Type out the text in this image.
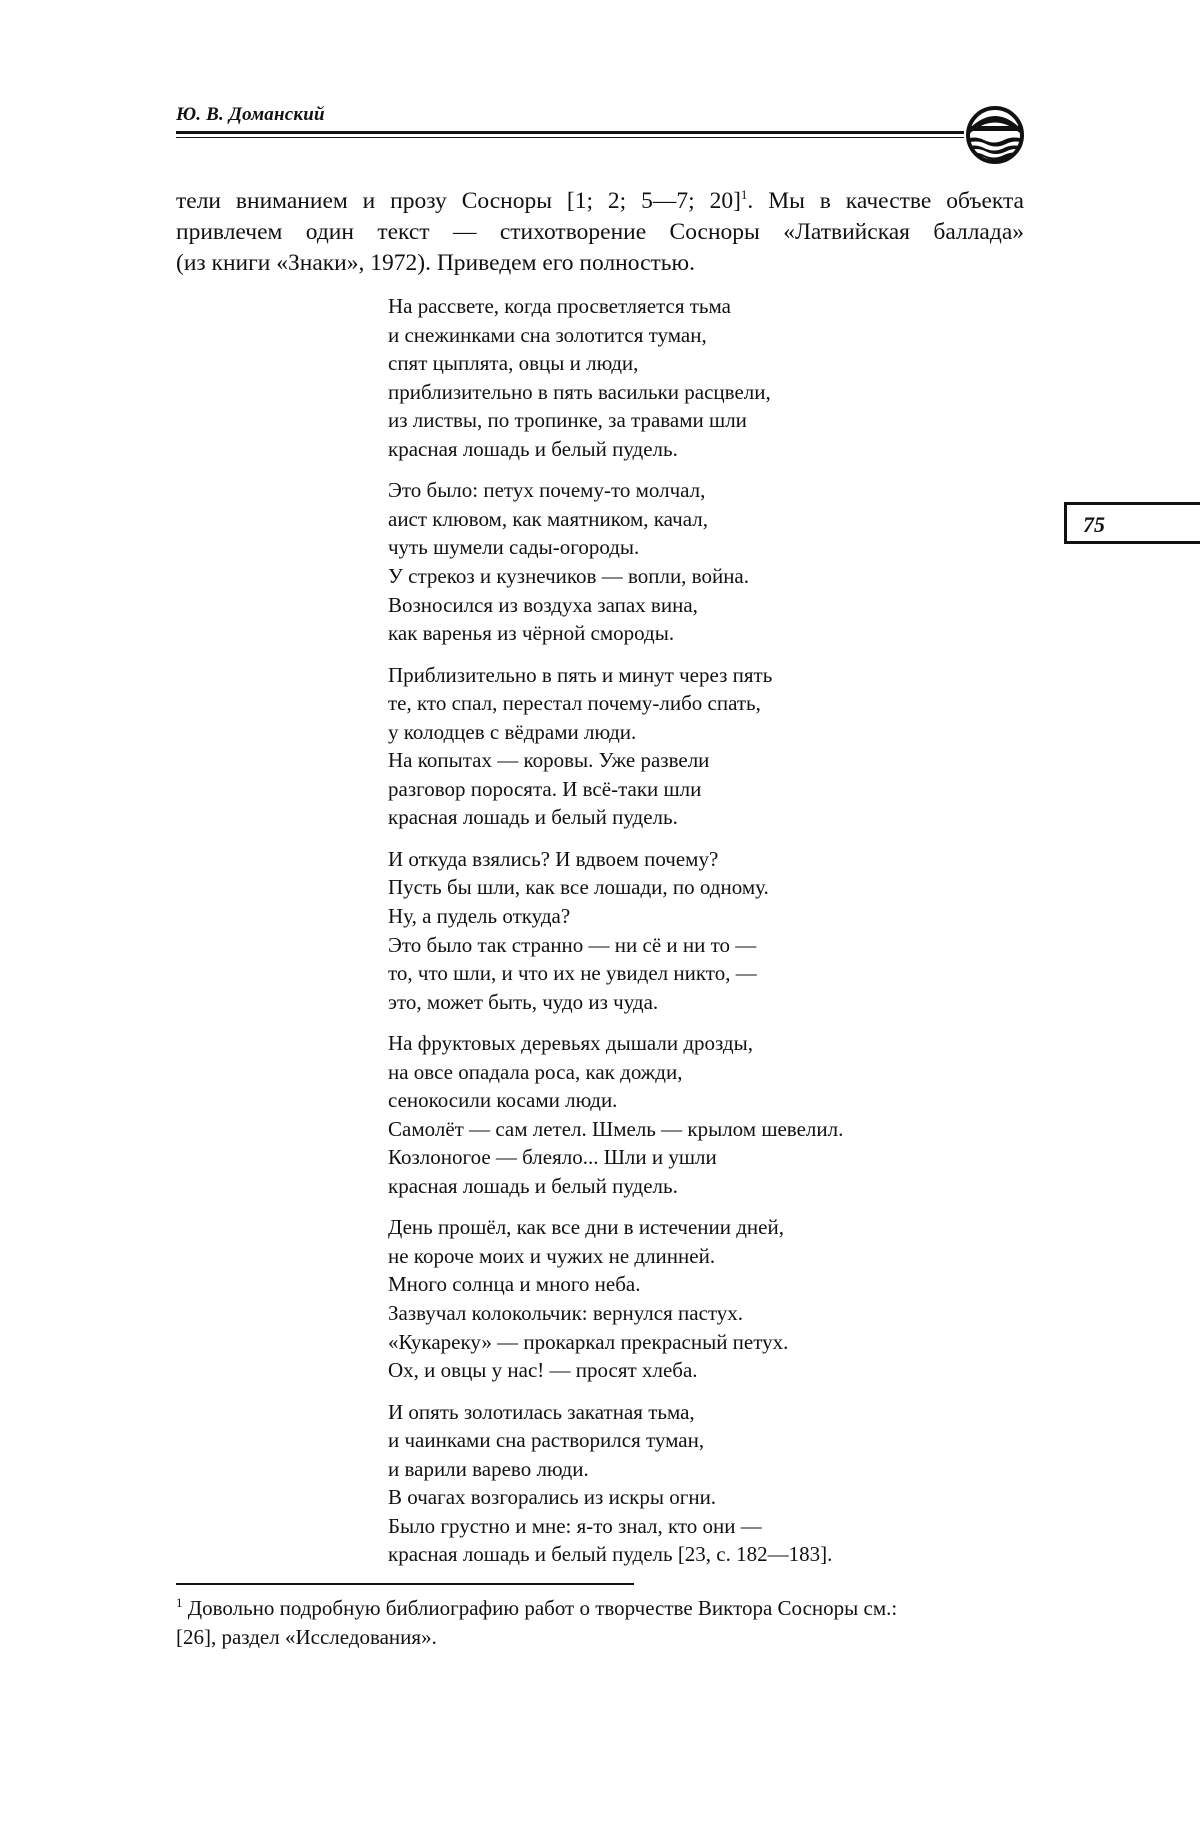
Ю. В. Доманский
75

тели вниманием и прозу Сосноры [1; 2; 5—7; 20]$^1$. Мы в качестве объекта
привлечем один текст — стихотворение Сосноры «Латвийская баллада»
(из книги «Знаки», 1972). Приведем его полностью.

На рассвете, когда просветляется тьма
и снежинками сна золотится туман,
спят цыплята, овцы и люди,
приблизительно в пять васильки расцвели,
из листвы, по тропинке, за травами шли
красная лошадь и белый пудель.

Это было: петух почему-то молчал,
аист клювом, как маятником, качал,
чуть шумели сады-огороды.
У стрекоз и кузнечиков — вопли, война.
Возносился из воздуха запах вина,
как варенья из чёрной смороды.

Приблизительно в пять и минут через пять
те, кто спал, перестал почему-либо спать,
у колодцев с вёдрами люди.
На копытах — коровы. Уже развели
разговор поросята. И всё-таки шли
красная лошадь и белый пудель.

И откуда взялись? И вдвоем почему?
Пусть бы шли, как все лошади, по одному.
Ну, а пудель откуда?
Это было так странно — ни сё и ни то —
то, что шли, и что их не увидел никто, —
это, может быть, чудо из чуда.

На фруктовых деревьях дышали дрозды,
на овсе опадала роса, как дожди,
сенокосили косами люди.
Самолёт — сам летел. Шмель — крылом шевелил.
Козлоногое — блеяло... Шли и ушли
красная лошадь и белый пудель.

День прошёл, как все дни в истечении дней,
не короче моих и чужих не длинней.
Много солнца и много неба.
Зазвучал колокольчик: вернулся пастух.
«Кукареку» — прокаркал прекрасный петух.
Ох, и овцы у нас! — просят хлеба.

И опять золотилась закатная тьма,
и чаинками сна растворился туман,
и варили варево люди.
В очагах возгорались из искры огни.
Было грустно и мне: я-то знал, кто они —
красная лошадь и белый пудель [23, с. 182—183].

$^1$ Довольно подробную библиографию работ о творчестве Виктора Сосноры см.:
[26], раздел «Исследования».
